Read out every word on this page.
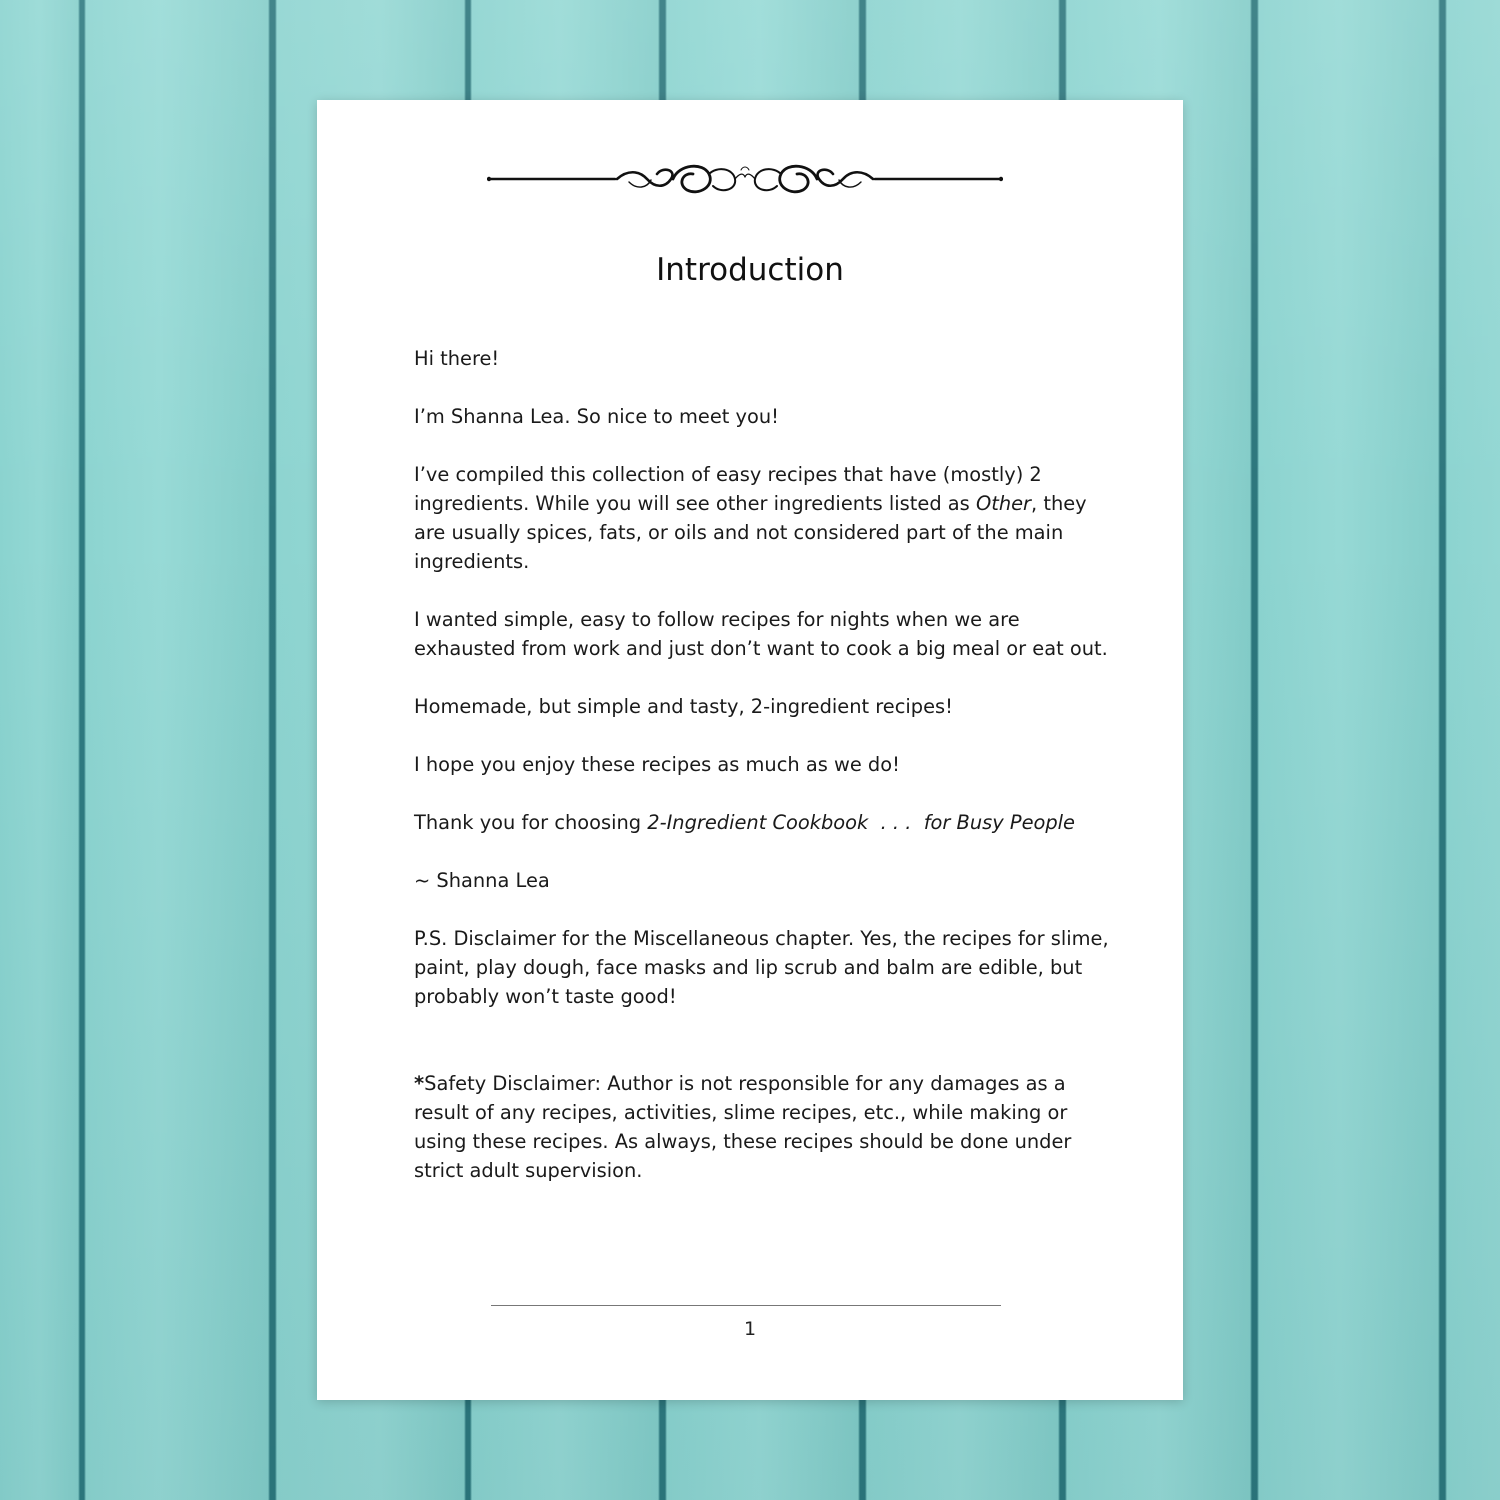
Introduction

Hi there!

I’m Shanna Lea. So nice to meet you!

I’ve compiled this collection of easy recipes that have (mostly) 2 ingredients. While you will see other ingredients listed as Other, they are usually spices, fats, or oils and not considered part of the main ingredients.

I wanted simple, easy to follow recipes for nights when we are exhausted from work and just don’t want to cook a big meal or eat out.

Homemade, but simple and tasty, 2-ingredient recipes!

I hope you enjoy these recipes as much as we do!

Thank you for choosing 2-Ingredient Cookbook  . . .  for Busy People

~ Shanna Lea

P.S. Disclaimer for the Miscellaneous chapter. Yes, the recipes for slime, paint, play dough, face masks and lip scrub and balm are edible, but probably won’t taste good!

*Safety Disclaimer: Author is not responsible for any damages as a result of any recipes, activities, slime recipes, etc., while making or using these recipes. As always, these recipes should be done under strict adult supervision.

1
